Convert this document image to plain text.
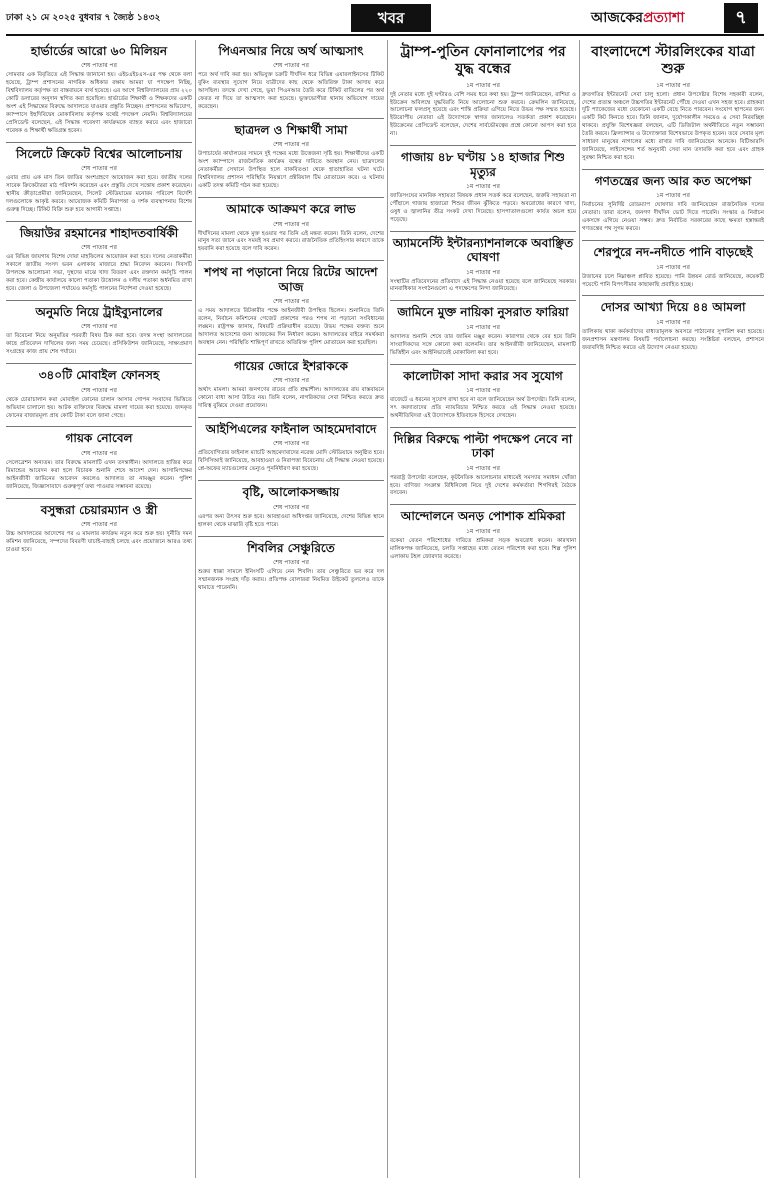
ঢাকা ২১ মে ২০২৫ বুধবার ৭ জ্যৈষ্ঠ ১৪৩২	খবর	আজকেরপ্রত্যাশা	৭
হার্ভার্ডের আরো ৬০ মিলিয়ন
শেষ পাতার পর
সোমবার এক বিবৃতিতে এই সিদ্ধান্ত জানানো হয়। এইচএইচএস-এর পক্ষ থেকে বলা হয়েছে, ট্রাম্প প্রশাসনের নাগরিক অধিকার রক্ষায় আমরা যা পদক্ষেপ নিচ্ছি, বিশ্ববিদ্যালয় কর্তৃপক্ষ তা বাস্তবায়নে ব্যর্থ হয়েছে। এর আগে বিশ্ববিদ্যালয়ের প্রায় ২২০ কোটি ডলারের অনুদান স্থগিত করা হয়েছিল। হার্ভার্ডের শিক্ষার্থী ও শিক্ষকদের একটি অংশ এই সিদ্ধান্তের বিরুদ্ধে আদালতে যাওয়ার প্রস্তুতি নিচ্ছেন। প্রশাসনের অভিযোগ, ক্যাম্পাসে ইহুদিবিদ্বেষ মোকাবিলায় কর্তৃপক্ষ যথেষ্ট পদক্ষেপ নেয়নি। বিশ্ববিদ্যালয়ের প্রেসিডেন্ট বলেছেন, এই সিদ্ধান্ত গবেষণা কার্যক্রমকে ব্যাহত করবে এবং হাজারো গবেষক ও শিক্ষার্থী ক্ষতিগ্রস্ত হবেন।
সিলেটে ক্রিকেট বিশ্বের আলোচনায়
শেষ পাতার পর
এবার প্রায় এক মাস তিন জাতির অংশগ্রহণে আয়োজন করা হবে। জাতীয় দলের সাবেক ক্রিকেটাররা মাঠ পরিদর্শন করেছেন এবং প্রস্তুতি দেখে সন্তোষ প্রকাশ করেছেন। স্থানীয় ক্রীড়াপ্রেমীরা জানিয়েছেন, সিলেট স্টেডিয়ামের মনোরম পরিবেশ বিদেশি দলগুলোকে আকৃষ্ট করবে। আয়োজক কমিটি নিরাপত্তা ও দর্শক ব্যবস্থাপনায় বিশেষ গুরুত্ব দিচ্ছে। টিকিট বিক্রি শুরু হবে আগামী সপ্তাহে।
জিয়াউর রহমানের শাহাদতবার্ষিকী
শেষ পাতার পর
এর বিভিন্ন জায়গায় বিশেষ দোয়া মাহফিলের আয়োজন করা হবে। দলের নেতাকর্মীরা সকালে জাতীয় সংসদ ভবন এলাকায় মাজারে শ্রদ্ধা নিবেদন করবেন। দিবসটি উপলক্ষে আলোচনা সভা, দুস্থদের মাঝে খাদ্য বিতরণ এবং রক্তদান কর্মসূচি পালন করা হবে। কেন্দ্রীয় কার্যালয়ে কালো পতাকা উত্তোলন ও দলীয় পতাকা অর্ধনমিত রাখা হবে। জেলা ও উপজেলা পর্যায়েও কর্মসূচি পালনের নির্দেশনা দেওয়া হয়েছে।
অনুমতি নিয়ে ট্রাইব্যুনালের
শেষ পাতার পর
তা বিবেচনা নিয়ে অনুমতির পরবর্তী বিষয় ঠিক করা হবে। তদন্ত সংস্থা আদালতের কাছে প্রতিবেদন দাখিলের জন্য সময় চেয়েছে। প্রসিকিউশন জানিয়েছে, সাক্ষ্যপ্রমাণ সংগ্রহের কাজ প্রায় শেষ পর্যায়ে।
৩৪০টি মোবাইল ফোনসহ
শেষ পাতার পর
থেকে চোরাচালান করা মোবাইল ফোনের চালান আসার গোপন সংবাদের ভিত্তিতে অভিযান চালানো হয়। আটক ব্যক্তিদের বিরুদ্ধে মামলা দায়ের করা হয়েছে। জব্দকৃত ফোনের বাজারমূল্য প্রায় কোটি টাকা বলে জানা গেছে।
গায়ক নোবেল
শেষ পাতার পর
সেলেব্রেশন অন্যতম। তার বিরুদ্ধে মামলাটি এখন তদন্তাধীন। আদালতে হাজির করে রিমান্ডের আবেদন করা হলে বিচারক শুনানি শেষে আদেশ দেন। আসামিপক্ষের আইনজীবী জামিনের আবেদন করলেও আদালত তা নামঞ্জুর করেন। পুলিশ জানিয়েছে, জিজ্ঞাসাবাদে গুরুত্বপূর্ণ তথ্য পাওয়ার সম্ভাবনা রয়েছে।
বসুন্ধরা চেয়ারম্যান ও স্ত্রী
শেষ পাতার পর
উচ্চ আদালতের আদেশের পর এ মামলার কার্যক্রম নতুন করে শুরু হয়। দুর্নীতি দমন কমিশন জানিয়েছে, সম্পদের বিবরণী যাচাই-বাছাই চলছে এবং প্রয়োজনে আরও তথ্য চাওয়া হবে।
পিএনআর নিয়ে অর্থ আত্মসাৎ
শেষ পাতার পর
পরে অর্থ দাবি করা হয়। অভিযুক্ত চক্রটি দীর্ঘদিন ধরে বিভিন্ন এয়ারলাইনসের টিকিট বুকিং ব্যবস্থার সুযোগ নিয়ে যাত্রীদের কাছ থেকে অতিরিক্ত টাকা আদায় করে আসছিল। তদন্তে দেখা গেছে, ভুয়া পিএনআর তৈরি করে টিকিট বাতিলের পর অর্থ ফেরত না দিয়ে তা আত্মসাৎ করা হয়েছে। ভুক্তভোগীরা থানায় অভিযোগ দায়ের করেছেন।
ছাত্রদল ও শিক্ষার্থী সামা
শেষ পাতার পর
উপাচার্যের কার্যালয়ের সামনে দুই পক্ষের মধ্যে উত্তেজনা সৃষ্টি হয়। শিক্ষার্থীদের একটি অংশ ক্যাম্পাসে রাজনৈতিক কার্যক্রম বন্ধের দাবিতে অবস্থান নেয়। ছাত্রদলের নেতাকর্মীরা সেখানে উপস্থিত হলে বাকবিতণ্ডা থেকে হাতাহাতির ঘটনা ঘটে। বিশ্ববিদ্যালয় প্রশাসন পরিস্থিতি নিয়ন্ত্রণে প্রক্টরিয়াল টিম মোতায়েন করে। এ ঘটনায় একটি তদন্ত কমিটি গঠন করা হয়েছে।
আমাকে আক্রমণ করে লাভ
শেষ পাতার পর
দীর্ঘদিনের মামলা থেকে মুক্ত হওয়ার পর তিনি এই মন্তব্য করেন। তিনি বলেন, দেশের মানুষ সত্য জানে এবং সময়ই সব প্রমাণ করবে। রাজনৈতিক প্রতিহিংসার কারণে তাকে হয়রানি করা হয়েছে বলে দাবি করেন।
শপথ না পড়ানো নিয়ে রিটের আদেশ আজ
শেষ পাতার পর
এ সময় আদালতে রিটকারীর পক্ষে আইনজীবী উপস্থিত ছিলেন। শুনানিতে তিনি বলেন, নির্বাচন কমিশনের গেজেট প্রকাশের পরও শপথ না পড়ানো সংবিধানের লঙ্ঘন। রাষ্ট্রপক্ষ জানায়, বিষয়টি প্রক্রিয়াধীন রয়েছে। উভয় পক্ষের বক্তব্য শুনে আদালত আদেশের জন্য আজকের দিন নির্ধারণ করেন। আদালতের বাইরে সমর্থকরা অবস্থান নেন। পরিস্থিতি শান্তিপূর্ণ রাখতে অতিরিক্ত পুলিশ মোতায়েন করা হয়েছিল।
গায়ের জোরে ইশরাককে
শেষ পাতার পর
অর্থাৎ মামলা। আমরা জনগণের রায়ের প্রতি শ্রদ্ধাশীল। আদালতের রায় বাস্তবায়নে কোনো বাধা আসা উচিত নয়। তিনি বলেন, নাগরিকদের সেবা নিশ্চিত করতে দ্রুত দায়িত্ব বুঝিয়ে দেওয়া প্রয়োজন।
আইপিএলের ফাইনাল আহমেদাবাদে
শেষ পাতার পর
প্রতিযোগিতার ফাইনাল ম্যাচটি আহমেদাবাদের নরেন্দ্র মোদি স্টেডিয়ামে অনুষ্ঠিত হবে। বিসিসিআই জানিয়েছে, আবহাওয়া ও নিরাপত্তা বিবেচনায় এই সিদ্ধান্ত নেওয়া হয়েছে। প্লে-অফের ম্যাচগুলোর ভেন্যুও পুনর্নির্ধারণ করা হয়েছে।
বৃষ্টি, আলোকসজ্জায়
শেষ পাতার পর
এরপর অন্য উৎসব শুরু হবে। আবহাওয়া অধিদপ্তর জানিয়েছে, দেশের বিভিন্ন স্থানে হালকা থেকে মাঝারি বৃষ্টি হতে পারে।
শিবলির সেঞ্চুরিতে
শেষ পাতার পর
শুরুর ধাক্কা সামলে ইনিংসটি এগিয়ে নেন শিবলি। তার সেঞ্চুরিতে ভর করে দল সম্মানজনক সংগ্রহ দাঁড় করায়। প্রতিপক্ষ বোলাররা নিয়মিত উইকেট তুললেও তাকে থামাতে পারেননি।
ট্রাম্প-পুতিন ফোনালাপের পর যুদ্ধ বন্ধের
১ম পাতার পর
দুই নেতার মধ্যে দুই ঘণ্টারও বেশি সময় ধরে কথা হয়। ট্রাম্প জানিয়েছেন, রাশিয়া ও ইউক্রেন অবিলম্বে যুদ্ধবিরতি নিয়ে আলোচনা শুরু করবে। ক্রেমলিন জানিয়েছে, আলোচনা ফলপ্রসূ হয়েছে এবং শান্তি প্রক্রিয়া এগিয়ে নিতে উভয় পক্ষ সম্মত হয়েছে। ইউরোপীয় নেতারা এই উদ্যোগকে স্বাগত জানালেও সতর্কতা প্রকাশ করেছেন। ইউক্রেনের প্রেসিডেন্ট বলেছেন, দেশের সার্বভৌমত্বের প্রশ্নে কোনো আপস করা হবে না।
গাজায় ৪৮ ঘণ্টায় ১৪ হাজার শিশু মৃত্যুর
১ম পাতার পর
জাতিসংঘের মানবিক সহায়তা বিষয়ক প্রধান সতর্ক করে বলেছেন, জরুরি সহায়তা না পৌঁছালে গাজায় হাজারো শিশুর জীবন ঝুঁকিতে পড়বে। অবরোধের কারণে খাদ্য, ওষুধ ও জ্বালানির তীব্র সংকট দেখা দিয়েছে। হাসপাতালগুলো কার্যত অচল হয়ে পড়েছে।
অ্যামনেস্টি ইন্টারন্যাশনালকে অবাঞ্ছিত ঘোষণা
১ম পাতার পর
সংস্থাটির প্রতিবেদনের প্রতিবাদে এই সিদ্ধান্ত নেওয়া হয়েছে বলে জানিয়েছে সরকার। মানবাধিকার সংগঠনগুলো এ পদক্ষেপের নিন্দা জানিয়েছে।
জামিনে মুক্ত নায়িকা নুসরাত ফারিয়া
১ম পাতার পর
আদালত শুনানি শেষে তার জামিন মঞ্জুর করেন। কারাগার থেকে বের হয়ে তিনি সাংবাদিকদের সঙ্গে কোনো কথা বলেননি। তার আইনজীবী জানিয়েছেন, মামলাটি ভিত্তিহীন এবং আইনিভাবেই মোকাবিলা করা হবে।
কালোটাকা সাদা করার সব সুযোগ
১ম পাতার পর
বাজেটে এ ধরনের সুযোগ রাখা হবে না বলে জানিয়েছেন অর্থ উপদেষ্টা। তিনি বলেন, সৎ করদাতাদের প্রতি ন্যায়বিচার নিশ্চিত করতে এই সিদ্ধান্ত নেওয়া হয়েছে। অর্থনীতিবিদরা এই উদ্যোগকে ইতিবাচক হিসেবে দেখছেন।
দিল্লির বিরুদ্ধে পাল্টা পদক্ষেপ নেবে না ঢাকা
১ম পাতার পর
পররাষ্ট্র উপদেষ্টা বলেছেন, কূটনৈতিক আলোচনার মাধ্যমেই সমস্যার সমাধান খোঁজা হবে। বাণিজ্য সংক্রান্ত বিধিনিষেধ নিয়ে দুই দেশের কর্মকর্তারা শিগগিরই বৈঠকে বসবেন।
আন্দোলনে অনড় পোশাক শ্রমিকরা
১ম পাতার পর
বকেয়া বেতন পরিশোধের দাবিতে শ্রমিকরা সড়ক অবরোধ করেন। কারখানা মালিকপক্ষ জানিয়েছে, চলতি সপ্তাহের মধ্যে বেতন পরিশোধ করা হবে। শিল্প পুলিশ এলাকায় টহল জোরদার করেছে।
বাংলাদেশে স্টারলিংকের যাত্রা শুরু
১ম পাতার পর
দ্রুতগতির ইন্টারনেট সেবা চালু হলো। প্রধান উপদেষ্টার বিশেষ সহকারী বলেন, দেশের প্রত্যন্ত অঞ্চলে উচ্চগতির ইন্টারনেট পৌঁছে দেওয়া এখন সহজ হবে। গ্রাহকরা দুটি প্যাকেজের মধ্যে যেকোনো একটি বেছে নিতে পারবেন। সংযোগ স্থাপনের জন্য একটি কিট কিনতে হবে। তিনি জানান, দুর্যোগকালীন সময়েও এ সেবা নিরবচ্ছিন্ন থাকবে। প্রযুক্তি বিশেষজ্ঞরা বলছেন, এটি ডিজিটাল অর্থনীতিতে নতুন সম্ভাবনা তৈরি করবে। ফ্রিল্যান্সার ও উদ্যোক্তারা বিশেষভাবে উপকৃত হবেন। তবে সেবার মূল্য সাধারণ মানুষের নাগালের মধ্যে রাখার দাবি জানিয়েছেন অনেকে। বিটিআরসি জানিয়েছে, লাইসেন্সের শর্ত অনুযায়ী সেবা মান তদারকি করা হবে এবং গ্রাহক সুরক্ষা নিশ্চিত করা হবে।
গণতন্ত্রের জন্য আর কত অপেক্ষা
১ম পাতার পর
নির্বাচনের সুনির্দিষ্ট রোডম্যাপ ঘোষণার দাবি জানিয়েছেন রাজনৈতিক দলের নেতারা। তারা বলেন, জনগণ দীর্ঘদিন ভোট দিতে পারেনি। সংস্কার ও নির্বাচন একসঙ্গে এগিয়ে নেওয়া সম্ভব। দ্রুত নির্বাচিত সরকারের কাছে ক্ষমতা হস্তান্তরই গণতন্ত্রের পথ সুগম করবে।
শেরপুরে নদ-নদীতে পানি বাড়ছেই
১ম পাতার পর
উজানের ঢলে নিম্নাঞ্চল প্লাবিত হয়েছে। পানি উন্নয়ন বোর্ড জানিয়েছে, কয়েকটি পয়েন্টে পানি বিপৎসীমার কাছাকাছি প্রবাহিত হচ্ছে।
দোসর আখ্যা দিয়ে ৪৪ আমলা
১ম পাতার পর
তালিকায় থাকা কর্মকর্তাদের বাধ্যতামূলক অবসরে পাঠানোর সুপারিশ করা হয়েছে। জনপ্রশাসন মন্ত্রণালয় বিষয়টি পর্যালোচনা করছে। সংশ্লিষ্টরা বলছেন, প্রশাসনে জবাবদিহি নিশ্চিত করতে এই উদ্যোগ নেওয়া হয়েছে।
